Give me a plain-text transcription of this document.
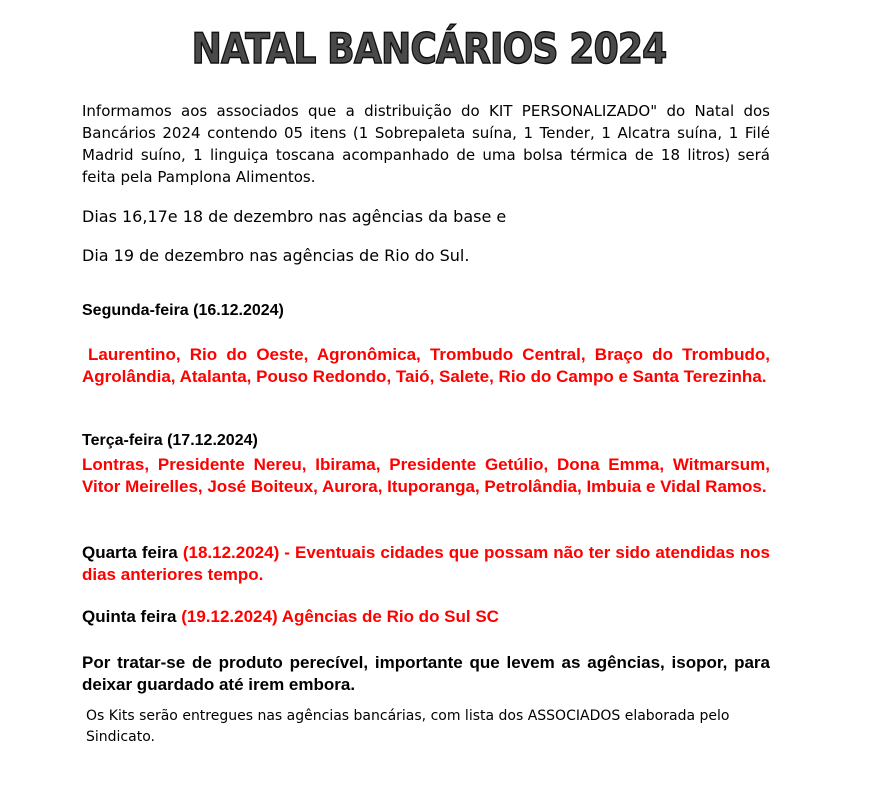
NATAL BANCÁRIOS 2024

Informamos aos associados que a distribuição do KIT PERSONALIZADO" do Natal dos Bancários 2024 contendo 05 itens (1 Sobrepaleta suína, 1 Tender, 1 Alcatra suína, 1 Filé Madrid suíno, 1 linguiça toscana acompanhado de uma bolsa térmica de 18 litros) será feita pela Pamplona Alimentos.

Dias 16,17e 18 de dezembro nas agências da base e

Dia 19 de dezembro nas agências de Rio do Sul.

Segunda-feira (16.12.2024)

Laurentino, Rio do Oeste, Agronômica, Trombudo Central, Braço do Trombudo, Agrolândia, Atalanta, Pouso Redondo, Taió, Salete, Rio do Campo e Santa Terezinha.

Terça-feira (17.12.2024)

Lontras, Presidente Nereu, Ibirama, Presidente Getúlio, Dona Emma, Witmarsum, Vitor Meirelles, José Boiteux, Aurora, Ituporanga, Petrolândia, Imbuia e Vidal Ramos.

Quarta feira (18.12.2024) - Eventuais cidades que possam não ter sido atendidas nos dias anteriores tempo.

Quinta feira (19.12.2024) Agências de Rio do Sul SC

Por tratar-se de produto perecível, importante que levem as agências, isopor, para deixar guardado até irem embora.

Os Kits serão entregues nas agências bancárias, com lista dos ASSOCIADOS elaborada pelo Sindicato.
